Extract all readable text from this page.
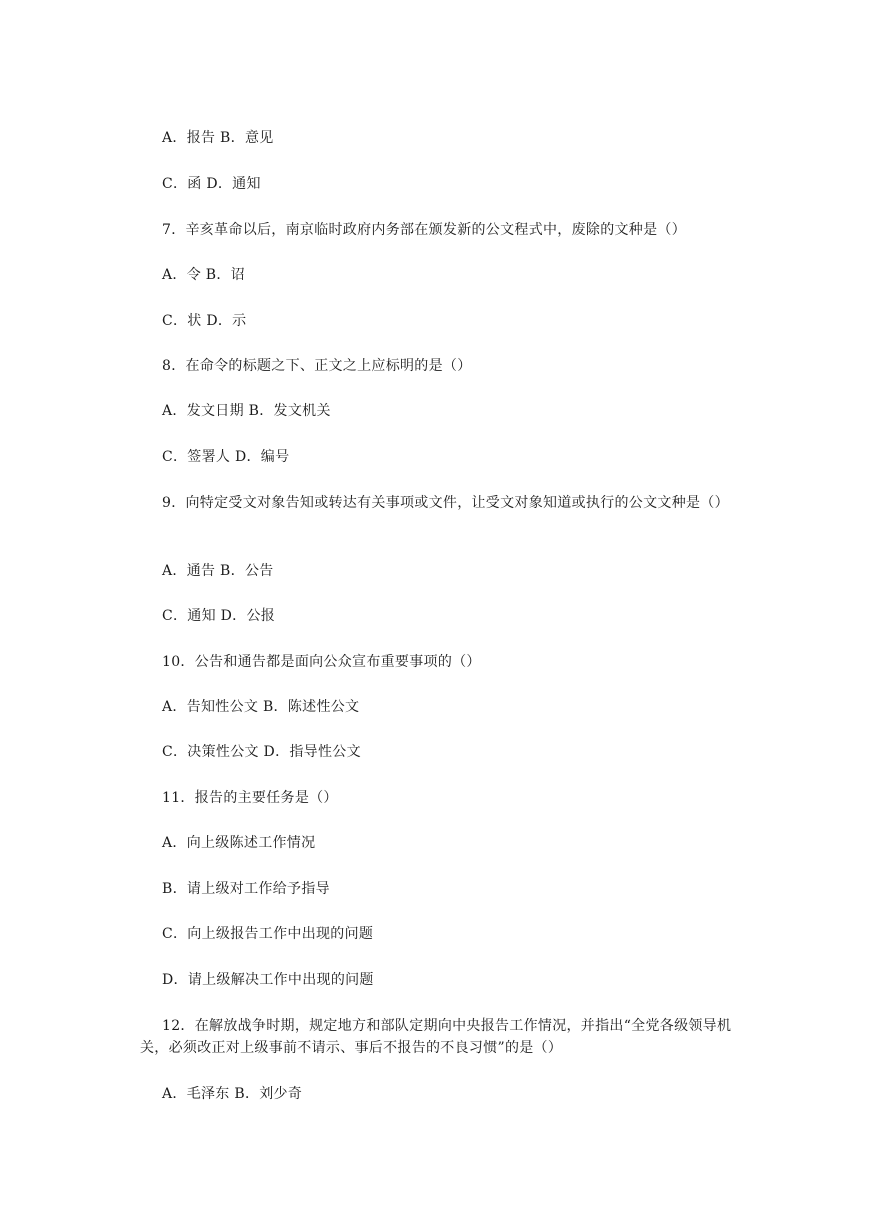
A．报告 B．意见
C．函 D．通知
7．辛亥革命以后，南京临时政府内务部在颁发新的公文程式中，废除的文种是（）
A．令 B．诏
C．状 D．示
8．在命令的标题之下、正文之上应标明的是（）
A．发文日期 B．发文机关
C．签署人 D．编号
9．向特定受文对象告知或转达有关事项或文件，让受文对象知道或执行的公文文种是（）
A．通告 B．公告
C．通知 D．公报
10．公告和通告都是面向公众宣布重要事项的（）
A．告知性公文 B．陈述性公文
C．决策性公文 D．指导性公文
11．报告的主要任务是（）
A．向上级陈述工作情况
B．请上级对工作给予指导
C．向上级报告工作中出现的问题
D．请上级解决工作中出现的问题
12．在解放战争时期，规定地方和部队定期向中央报告工作情况，并指出“全党各级领导机关，必须改正对上级事前不请示、事后不报告的不良习惯”的是（）
A．毛泽东 B．刘少奇
